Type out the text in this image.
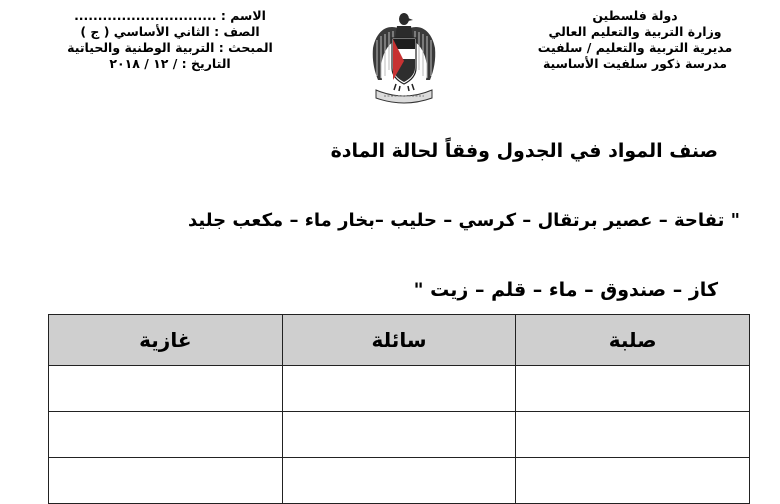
دولة فلسطين
وزارة التربية والتعليم العالي
مديرية التربية والتعليم / سلفيت
مدرسة ذكور سلفيت الأساسية
الاسم : ..............................
الصف : الثاني الأساسي ( ج )
المبحث : التربية الوطنية والحياتية
التاريخ : / ١٢ / ٢٠١٨
صنف المواد في الجدول وفقاً لحالة المادة
" تفاحة – عصير برتقال – كرسي – حليب –بخار ماء – مكعب جليد
كاز – صندوق – ماء – قلم – زيت "
صلبة	سائلة	غازية
